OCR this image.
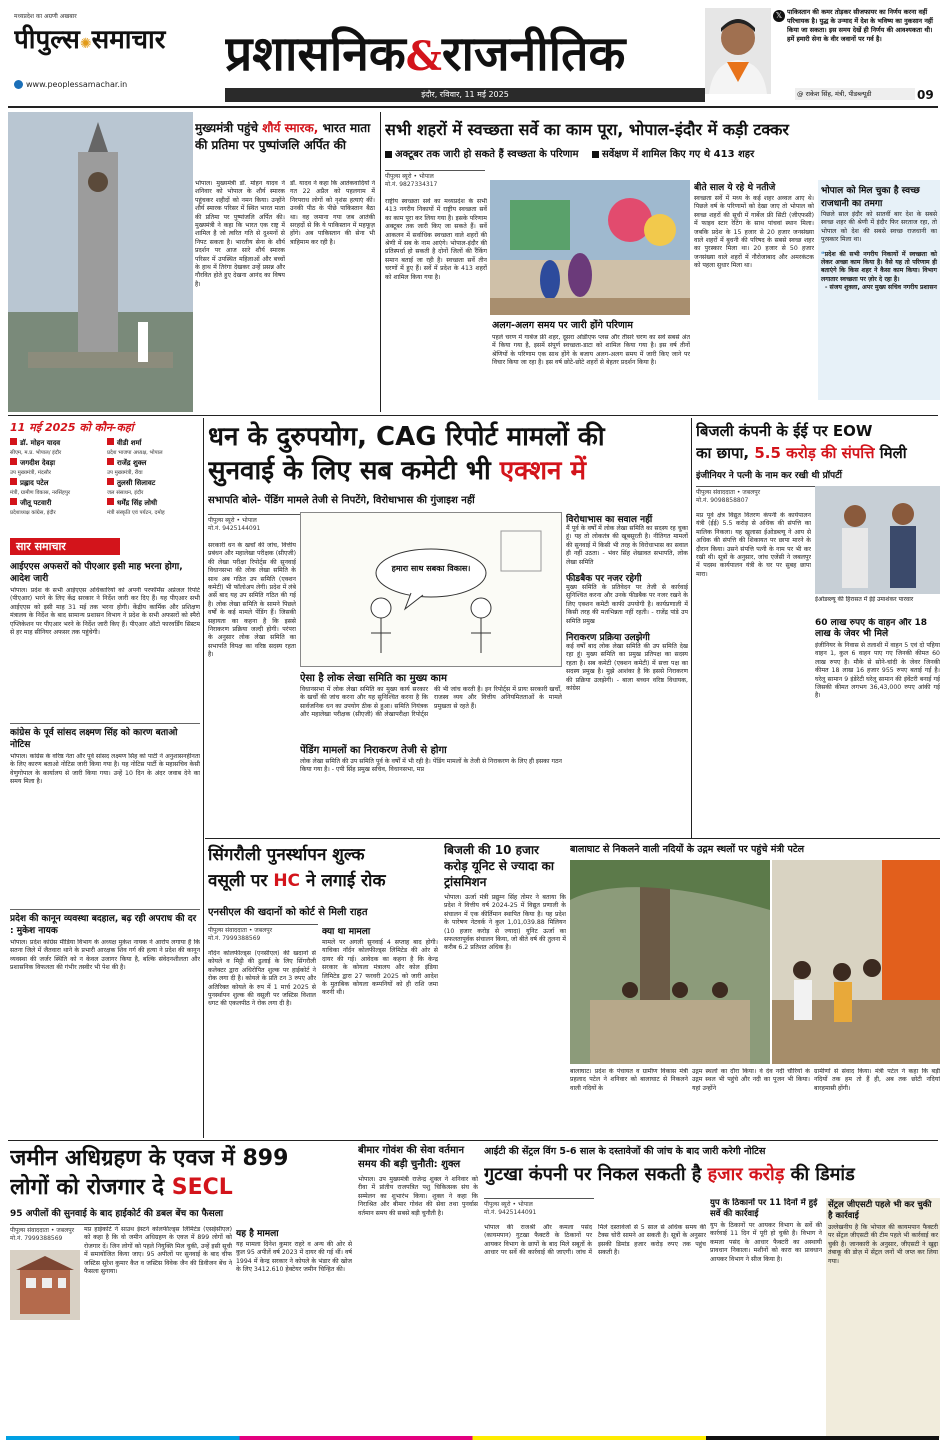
मध्यप्रदेश का अग्रणी अखबार
पीपुल्स✺समाचार
www.peoplessamachar.in
प्रशासनिक&राजनीतिक
इंदौर, रविवार, 11 मई 2025
𝕏 पाकिस्तान की कमर तोड़कर सीजफायर का निर्णय करना वहीं परिचायक है। युद्ध के उन्माद में देश के भविष्य का नुकसान नहीं किया जा सकता। इस समय देखें ही निर्णय की आवश्यकता थी। हमें हमारी सेना के वीर जवानों पर गर्व है।
@ राकेश सिंह, मंत्री, पीडब्ल्यूडी	09
मुख्यमंत्री पहुंचे शौर्य स्मारक, भारत माता की प्रतिमा पर पुष्पांजलि अर्पित की
भोपाल। मुख्यमंत्री डॉ. मोहन यादव ने शनिवार को भोपाल के शौर्य स्मारक पहुंचकर शहीदों को नमन किया। उन्होंने शौर्य स्मारक परिसर में स्थित भारत माता की प्रतिमा पर पुष्पांजलि अर्पित की। मुख्यमंत्री ने कहा कि भारत एक राष्ट्र में शामिल है जो त्वरित गति से दुश्मनों से निपट सकता है। भारतीय सेना के शौर्य प्रदर्शन पर आज सारे शौर्य स्मारक परिसर में उपस्थित महिलाओं और बच्चों के हाथ में तिरंगा देखकर उन्हें प्रसन्न और गौरवित होते हुए देखना आनंद का विषय है।
डॉ. यादव ने कहा कि आतंकवादियों ने गत 22 अप्रैल को पहलगाम में निरपराध लोगों को नृशंस हत्याएं कीं। उनकी पीठ के पीछे पाकिस्तान बैठा था। वह जमाना गया जब आतंकी सरहदों से कि ये पाकिस्तान में महफूज़ होंगे। अब पाकिस्तान की सेना भी त्राहिमाम कर रही है।
सभी शहरों में स्वच्छता सर्वे का काम पूरा, भोपाल-इंदौर में कड़ी टक्कर
अक्टूबर तक जारी हो सकते हैं स्वच्छता के परिणाम सर्वेक्षण में शामिल किए गए थे 413 शहर
पीपुल्स ब्यूरो • भोपाल
मो.नं. 9827334317
राष्ट्रीय स्वच्छता सर्वे का मध्यप्रदेश के सभी 413 नगरीय निकायों में राष्ट्रीय स्वच्छता सर्वे का काम पूरा कर लिया गया है। इसके परिणाम अक्टूबर तक जारी किए जा सकते हैं। सर्वे आकलन में सर्वाधिक स्वच्छता वाले शहरों की श्रेणी में सब के नाम आएंगे। भोपाल-इंदौर की प्रतिस्पर्धा हो सकती है दोनों जिलों की रैंकिंग समान बताई जा रही है। स्वच्छता सर्वे तीन चरणों में हुए हैं। सर्वे में प्रदेश के 413 शहरों को शामिल किया गया है।
अलग-अलग समय पर जारी होंगे परिणाम
पहले चरण में गार्बेज फ्री शहर, दूसरा ओडीएफ प्लस और तीसरे चरण का सर्वे सबसे अंत में किया गया है, इसमें संपूर्ण स्वच्छता-डाटा को शामिल किया गया है। इस वर्ष तीनों श्रेणियों के परिणाम एक साथ होंगे के बजाय अलग-अलग समय में जारी किए जाने पर विचार किया जा रहा है। इस वर्ष छोटे-छोटे शहरों से बेहतर प्रदर्शन किया है।
बीते साल ये रहे थे नतीजे
स्वच्छता सर्वे में मध्य के कई शहर अव्वल आए थे। पिछले वर्ष के परिणामों को देखा जाए तो भोपाल को स्वच्छ शहरों की सूची में गार्बेज फ्री सिटी (जीएफसी) में फाइव स्टार रेटिंग के साथ पांचवां स्थान मिला। जबकि प्रदेश के 15 हजार से 20 हजार जनसंख्या वाले शहरों में बुधनी की परिषद के सबसे स्वच्छ शहर का पुरस्कार मिला था। 20 हजार से 50 हजार जनसंख्या वाले शहरों में नौरोजाबाद और अमरकंटक को पहला सुधार मिला था।
भोपाल को मिल चुका है स्वच्छ राजधानी का तमगा
पिछले साल इंदौर को सातवीं बार देश के सबसे स्वच्छ शहर की श्रेणी में इंदौर फिर सरताज रहा, तो भोपाल को देश की सबसे स्वच्छ राजधानी का पुरस्कार मिला था।
❝प्रदेश की सभी नगरीय निकायों में स्वच्छता को लेकर अच्छा काम किया है। वैसे यह तो परिणाम ही बताएंगे कि किस शहर ने कैसा काम किया। विभाग लगातार स्वच्छता पर ज़ोर दे रहा है।
- संजय शुक्ला, अपर मुख्य सचिव नगरीय प्रशासन
11 मई 2025 को कौन-कहां
डॉ. मोहन यादव
सीएम, म.प्र. भोपाल/ इंदौर
वीडी शर्मा
प्रदेश भाजपा अध्यक्ष, भोपाल
जगदीश देवड़ा
उप मुख्यमंत्री, मंदसौर
राजेंद्र शुक्ल
उप मुख्यमंत्री, रीवा
प्रह्लाद पटेल
मंत्री, ग्रामीण विकास, नरसिंहपुर
तुलसी सिलावट
जल संसाधन, इंदौर
जीतू पटवारी
प्रदेशाध्यक्ष कांग्रेस, इंदौर
धर्मेंद्र सिंह लोधी
मंत्री संस्कृति एवं पर्यटन, दमोह
सार समाचार
आईएएस अफसरों को पीएआर इसी माह भरना होगा, आदेश जारी
भोपाल। प्रदेश के सभी आईएएस अधिकारियों को अपनी परफॉर्मेंस अप्रेजल रिपोर्ट (पीएआर) भरने के लिए केंद्र सरकार ने निर्देश जारी कर दिए हैं। यह पीएआर सभी आईएएस को इसी माह 31 मई तक भरना होगी। केंद्रीय कार्मिक और प्रशिक्षण मंत्रालय के निर्देश के बाद सामान्य प्रशासन विभाग ने प्रदेश के सभी अफसरों को स्पैरो एप्लिकेशन पर पीएआर भरने के निर्देश जारी किए हैं। पीएआर ऑटो फारवर्डिंग सिस्टम से हर माह सीनियर अफसर तक पहुंचेगी।
कांग्रेस के पूर्व सांसद लक्ष्मण सिंह को कारण बताओ नोटिस
भोपाल। कांग्रेस के वरिष्ठ नेता और पूर्व सांसद लक्ष्मण सिंह को पार्टी ने अनुशासनहीनता के लिए कारण बताओ नोटिस जारी किया गया है। यह नोटिस पार्टी के महासचिव केसी वेणुगोपाल के कार्यालय से जारी किया गया। उन्हें 10 दिन के अंदर जवाब देने का समय मिला है।
प्रदेश की कानून व्यवस्था बदहाल, बढ़ रही अपराध की दर : मुकेश नायक
भोपाल। प्रदेश कांग्रेस मीडिया विभाग के अध्यक्ष मुकेश नायक ने आरोप लगाया है कि सतना जिले में जैतवारा थाने के प्रभारी आरक्षक शिव गर्ग की हत्या ने प्रदेश की कानून व्यवस्था की जर्जर स्थिति को न केवल उजागर किया है, बल्कि संवेदनशीलता और प्रशासनिक विफलता की गंभीर तस्वीर भी पेश की है।
धन के दुरुपयोग, CAG रिपोर्ट मामलों की
सुनवाई के लिए सब कमेटी भी एक्शन में
सभापति बोले- पेंडिंग मामले तेजी से निपटेंगे, विरोधाभास की गुंजाइश नहीं
पीपुल्स ब्यूरो • भोपाल
मो.नं. 9425144091
सरकारी धन के खर्चों की जांच, वित्तीय प्रबंधन और महालेखा परीक्षक (सीएजी) की लेखा परीक्षा रिपोर्ट्स की सुनवाई विधानसभा की लोक लेखा समिति के साथ अब गठित उप समिति (एक्शन कमेटी) भी फॉलोअप लेगी। प्रदेश में लंबे अर्से बाद यह उप समिति गठित की गई है। लोक लेखा समिति के सामने पिछले वर्षों के कई मामले पेंडिंग हैं। जिसकी सहायता का कहना है कि इससे निराकरण प्रक्रिया जल्दी होगी। परंपरा के अनुसार लोक लेखा समिति का सभापति विपक्ष का वरिष्ठ सदस्य रहता है।
हमारा साथ सबका विकास।
ऐसा है लोक लेखा समिति का मुख्य काम
विधानसभा में लोक लेखा समिति का मुख्य कार्य सरकार के खर्चों की जांच करना और यह सुनिश्चित करना है कि सार्वजनिक धन का उपयोग ठीक से हुआ। समिति नियंत्रक और महालेखा परीक्षक (सीएजी) की लेखापरीक्षा रिपोर्ट्स की भी जांच करती है। इन रिपोर्ट्स में प्रायः सरकारी खर्चों, राजस्व व्यय और वित्तीय अनियमितताओं के मामले प्रमुखता से रहते हैं।
पेंडिंग मामलों का निराकरण तेजी से होगा
लोक लेखा समिति की उप समिति पूर्व के वर्षों में भी रही है। पेंडिंग मामलों के तेजी से निराकरण के लिए ही इसका गठन किया गया है। - एपी सिंह प्रमुख सचिव, विधानसभा, मप्र
विरोधाभास का सवाल नहीं
मैं पूर्व के वर्षों में लोक लेखा समिति का सदस्य रह चुका हूं। यह तो लोकतंत्र की खूबसूरती है। नीतिगत मामलों की सुनवाई में किसी भी तरह के विरोधाभास का सवाल ही नहीं उठता। - भंवर सिंह शेखावत सभापति, लोक लेखा समिति
फीडबैक पर नजर रहेगी
मुख्य समिति के प्रतिवेदन पर तेजी से कार्रवाई सुनिश्चित करना और उनके फीडबैक पर नजर रखने के लिए एक्शन कमेटी काफी उपयोगी है। कार्यप्रणाली में किसी तरह की मतभिन्नता नहीं रहती। - राजेंद्र पांडे उप समिति प्रमुख
निराकरण प्रक्रिया उलझेगी
कई वर्षों बाद लोक लेखा समिति की उप समिति देख रहा हूं। मुख्य समिति का प्रमुख प्रतिपक्ष का सदस्य रहता है। सब कमेटी (एक्शन कमेटी) में सत्ता पक्ष का सदस्य प्रमुख है। मुझे आशंका है कि इससे निराकरण की प्रक्रिया उलझेगी। - बाला बच्चन वरिष्ठ विधायक, कांग्रेस
बिजली कंपनी के ईई पर EOW
का छापा, 5.5 करोड़ की संपत्ति मिली
इंजीनियर ने पत्नी के नाम कर रखी थी प्रॉपर्टी
पीपुल्स संवाददाता • जबलपुर
मो.नं. 9098858807
मप्र पूर्व क्षेत्र विद्युत वितरण कंपनी के कार्यपालन यंत्री (ईई) 5.5 करोड़ से अधिक की संपत्ति का मालिक निकला। यह खुलासा ईओडब्ल्यू ने आय से अधिक की संपत्ति की शिकायत पर छापा मारने के दौरान किया। उसने संपत्ति पत्नी के नाम पर भी कर रखी थी। सूत्रों के अनुसार, जांच एजेंसी ने जबलपुर में पदस्थ कार्यपालन यंत्री के घर पर सुबह छापा मारा।
ईओडब्ल्यू की हिरासत में ईई उमाशंकर पारवार
60 लाख रुपए के वाहन और 18 लाख के जेवर भी मिले
इंजीनियर के निवास से तलाशी में वाहन 5 एवं दो पहिया वाहन 1, कुल 6 वाहन पाए गए जिनकी कीमत 60 लाख रुपए है। मौके से सोने-चांदी के जेवर जिनकी कीमत 18 लाख 16 हजार 955 रुपए बताई गई है। घरेलू सामान 9 इंडेरेटी घरेलू सामान की इंवेंटरी बनाई गई जिसकी कीमत लगभग 36,43,000 रुपए आंकी गई है।
सिंगरौली पुनर्स्थापन शुल्क
वसूली पर HC ने लगाई रोक
एनसीएल की खदानों को कोर्ट से मिली राहत
पीपुल्स संवाददाता • जबलपुर
मो.नं. 7999388569
नॉर्दन कोलफील्ड्स (एनसीएल) की खदानों से कोयले व मिट्टी की ढुलाई के लिए सिंगरौली कलेक्टर द्वारा अधिरोपित शुल्क पर हाईकोर्ट ने रोक लगा दी है। कोयले के प्रति टन 3 रुपए और अतिरिक्त कोयले के रुप में 1 मार्च 2025 से पुनर्स्थापन शुल्क की वसूली पर जस्टिस विशाल धगट की एकलपीठ ने रोक लगा दी है।
क्या था मामला
मामले पर अगली सुनवाई 4 सप्ताह बाद होगी। याचिका नॉर्दन कोलफील्ड्स लिमिटेड की ओर से दायर की गई। आवेदक का कहना है कि केन्द्र सरकार के कोयला मंत्रालय और कोल इंडिया लिमिटेड द्वारा 27 फरवरी 2025 को जारी आदेश के मुताबिक कोयला कम्पनियों को ही राशि जमा करनी थी।
बिजली की 10 हजार करोड़ यूनिट से ज्यादा का ट्रांसमिशन
भोपाल। ऊर्जा मंत्री प्रद्युम्न सिंह तोमर ने बताया कि प्रदेश ने वित्तीय वर्ष 2024-25 में विद्युत प्रणाली के संचालन में एक कीर्तिमान स्थापित किया है। यह प्रदेश के पारेषण नेटवर्क ने कुल 1,01,039.88 मिलियन (10 हजार करोड़ से ज्यादा) यूनिट ऊर्जा का सफलतापूर्वक संचालन किया, जो बीते वर्ष की तुलना में करीब 6.2 प्रतिशत अधिक है।
बालाघाट से निकलने वाली नदियों के उद्गम स्थलों पर पहुंचे मंत्री पटेल
बालाघाट। प्रदेश के पंचायत व ग्रामीण विकास मंत्री प्रहलाद पटेल ने शनिवार को बालाघाट से निकलने वाली नदियों के
उद्गम स्थलों का दौरा किया। वे देव नदी चौरियों के उद्गम स्थल भी पहुंचे और नदी का पूजन भी किया। यहां उन्होंने
ग्रामीणों से संवाद किया। मंत्री पटेल ने कहा कि बड़ी नदियों तक हम तो हैं ही, अब तक छोटी नदियां बारहमासी होंगी।
जमीन अधिग्रहण के एवज में 899
लोगों को रोजगार दे SECL
95 अपीलों की सुनवाई के बाद हाईकोर्ट की डबल बेंच का फैसला
पीपुल्स संवाददाता • जबलपुर
मो.नं. 7999388569
मप्र हाईकोर्ट ने साउथ ईस्टर्न कोलफील्ड्स लिमिटेड (एसईसीएल) को कहा है कि वो जमीन अधिग्रहण के एवज में 899 लोगों को रोजगार दें। जिन लोगों को पहले नियुक्ति मिल चुकी, उन्हें इसी सूची में समायोजित किया जाए। 95 अपीलों पर सुनवाई के बाद चीफ जस्टिस सुरेश कुमार कैत व जस्टिस विवेक जैन की डिवीजन बेंच ने फैसला सुनाया।
यह है मामला
यह मामला दिनेश कुमार राहरे व अन्य की ओर से कुल 95 अपीलें वर्ष 2023 में दायर की गई थीं। वर्ष 1994 में केन्द्र सरकार ने कोयले के भंडार की खोज के लिए 3412.610 हेक्टेयर जमीन चिन्हित की।
बीमार गोवंश की सेवा वर्तमान समय की बड़ी चुनौती: शुक्ल
भोपाल। उप मुख्यमंत्री राजेन्द्र शुक्ल ने शनिवार को रीवा में प्रांतीय राजपत्रित पशु चिकित्सक संघ के सम्मेलन का शुभारंभ किया। शुक्ल ने कहा कि निराश्रित और बीमार गोवंश की सेवा तथा पुनर्वास वर्तमान समय की सबसे बड़ी चुनौती है।
आईटी की सेंट्रल विंग 5-6 साल के दस्तावेजों की जांच के बाद जारी करेगी नोटिस
गुटखा कंपनी पर निकल सकती है हजार करोड़ की डिमांड
पीपुल्स ब्यूरो • भोपाल
मो.नं. 9425144091
भोपाल की राजश्री और कमला पसंद (कायमपान) गुटखा फैक्टरी के ठिकानों पर आयकर विभाग के छापों के बाद मिले सबूतों के आधार पर सर्वे की कार्रवाई की जाएगी। जांच में मिले दस्तावेजों से 5 साल से अधिक समय की टैक्स चोरी सामने आ सकती है। सूत्रों के अनुसार इसकी डिमांड हजार करोड़ रुपए तक पहुंच सकती है।
युप के ठिकानों पर 11 दिनों में हुई सर्वे की कार्रवाई
युप के ठिकानों पर आयकर विभाग के सर्वे की कार्रवाई 11 दिन में पूरी हो चुकी है। विभाग ने कमला पसंद के आधार फैक्टरी का अस्थायी प्रावधान निकाला। मशीनों को कारा का प्रावधान आयकर विभाग ने सीज किया है।
सेंट्रल जीएसटी पहले भी कर चुकी है कार्रवाई
उल्लेखनीय है कि भोपाल की कायमपान फैक्टरी पर सेंट्रल जीएसटी की टीम पहले भी कार्रवाई कर चुकी है। जानकारी के अनुसार, जीएसटी ने खुद्दा तंबाकू की डोज़ में सेंट्रल जनों भी जप्त कर लिया गया।
